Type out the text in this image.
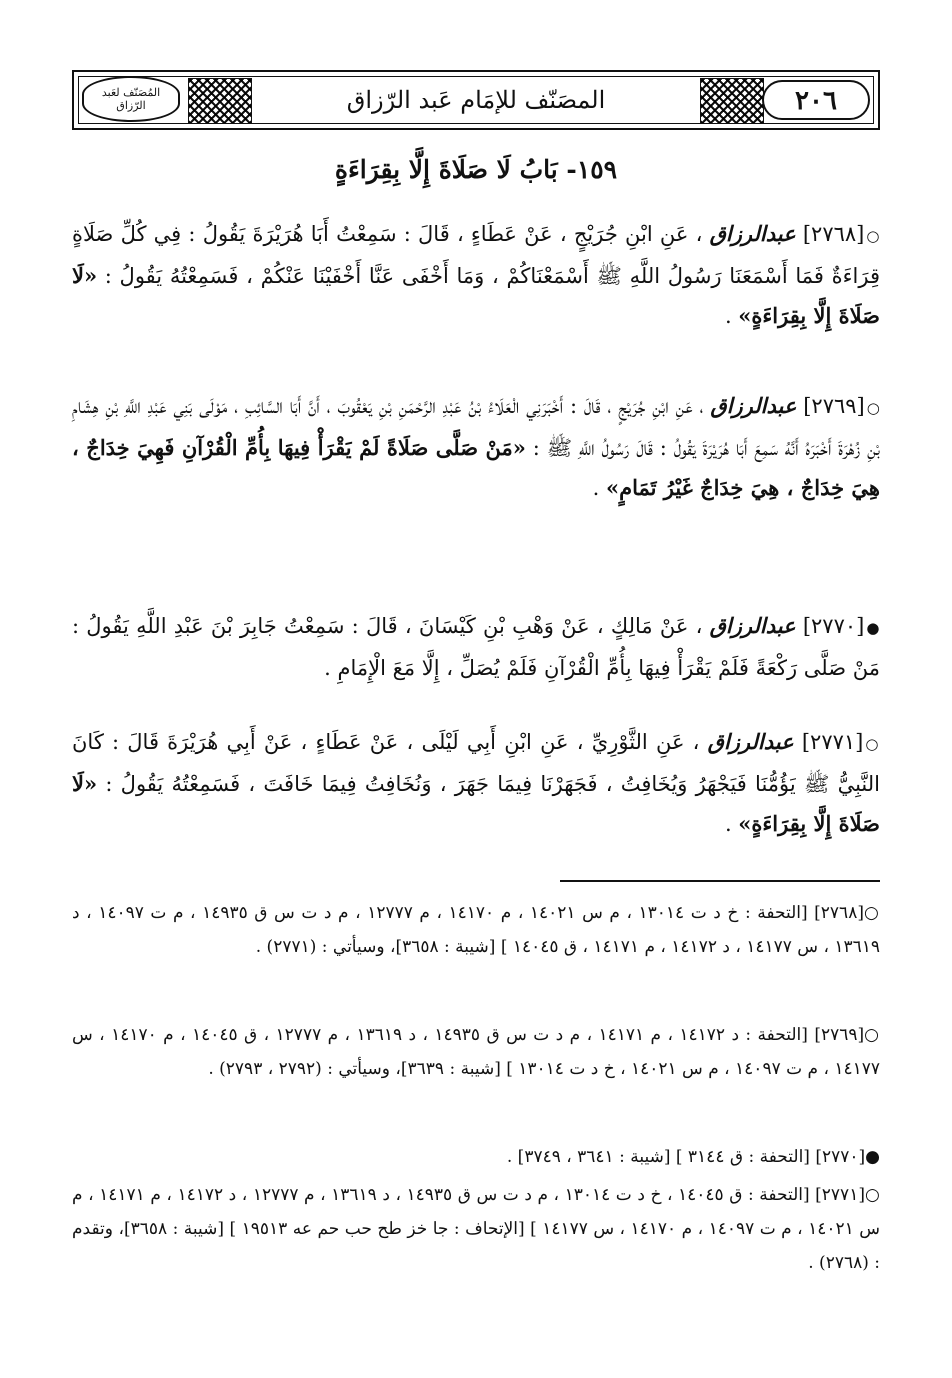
المُصَنّف لعَبد الرّزاق	المصَنّف للإمَام عَبد الرّزاق	٢٠٦
١٥٩- بَابُ لَا صَلَاةَ إِلَّا بِقِرَاءَةٍ
○[٢٧٦٨] عبدالرزاق ، عَنِ ابْنِ جُرَيْجٍ ، عَنْ عَطَاءٍ ، قَالَ : سَمِعْتُ أَبَا هُرَيْرَةَ يَقُولُ : فِي كُلِّ صَلَاةٍ قِرَاءَةٌ فَمَا أَسْمَعَنَا رَسُولُ اللَّهِ ﷺ أَسْمَعْنَاكُمْ ، وَمَا أَخْفَى عَنَّا أَخْفَيْنَا عَنْكُمْ ، فَسَمِعْتُهُ يَقُولُ : «لَا صَلَاةَ إِلَّا بِقِرَاءَةٍ» .
○[٢٧٦٩] عبدالرزاق ، عَنِ ابْنِ جُرَيْجٍ ، قَالَ : أَخْبَرَنِي الْعَلَاءُ بْنُ عَبْدِ الرَّحْمَنِ بْنِ يَعْقُوبَ ، أَنَّ أَبَا السَّائِبِ ، مَوْلَى بَنِي عَبْدِ اللَّهِ بْنِ هِشَامِ بْنِ زُهْرَةَ أَخْبَرَهُ أَنَّهُ سَمِعَ أَبَا هُرَيْرَةَ يَقُولُ : قَالَ رَسُولُ اللَّهِ ﷺ : «مَنْ صَلَّى صَلَاةً لَمْ يَقْرَأْ فِيهَا بِأُمِّ الْقُرْآنِ فَهِيَ خِدَاجٌ ، هِيَ خِدَاجٌ ، هِيَ خِدَاجٌ غَيْرُ تَمَامٍ» .
●[٢٧٧٠] عبدالرزاق ، عَنْ مَالِكٍ ، عَنْ وَهْبِ بْنِ كَيْسَانَ ، قَالَ : سَمِعْتُ جَابِرَ بْنَ عَبْدِ اللَّهِ يَقُولُ : مَنْ صَلَّى رَكْعَةً فَلَمْ يَقْرَأْ فِيهَا بِأُمِّ الْقُرْآنِ فَلَمْ يُصَلِّ ، إِلَّا مَعَ الْإِمَامِ .
○[٢٧٧١] عبدالرزاق ، عَنِ الثَّوْرِيِّ ، عَنِ ابْنِ أَبِي لَيْلَى ، عَنْ عَطَاءٍ ، عَنْ أَبِي هُرَيْرَةَ قَالَ : كَانَ النَّبِيُّ ﷺ يَؤُمُّنَا فَيَجْهَرُ وَيُخَافِتُ ، فَجَهَرْنَا فِيمَا جَهَرَ ، وَنُخَافِتُ فِيمَا خَافَتَ ، فَسَمِعْتُهُ يَقُولُ : «لَا صَلَاةَ إِلَّا بِقِرَاءَةٍ» .
○[٢٧٦٨] [التحفة : خ د ت ١٣٠١٤ ، م س ١٤٠٢١ ، م ١٤١٧٠ ، م ١٢٧٧٧ ، م د ت س ق ١٤٩٣٥ ، م ت ١٤٠٩٧ ، د ١٣٦١٩ ، س ١٤١٧٧ ، د ١٤١٧٢ ، م ١٤١٧١ ، ق ١٤٠٤٥ ] [شيبة : ٣٦٥٨]، وسيأتي : (٢٧٧١) .
○[٢٧٦٩] [التحفة : د ١٤١٧٢ ، م ١٤١٧١ ، م د ت س ق ١٤٩٣٥ ، د ١٣٦١٩ ، م ١٢٧٧٧ ، ق ١٤٠٤٥ ، م ١٤١٧٠ ، س ١٤١٧٧ ، م ت ١٤٠٩٧ ، م س ١٤٠٢١ ، خ د ت ١٣٠١٤ ] [شيبة : ٣٦٣٩]، وسيأتي : (٢٧٩٢ ، ٢٧٩٣) .
●[٢٧٧٠] [التحفة : ق ٣١٤٤ ] [شيبة : ٣٦٤١ ، ٣٧٤٩] .
○[٢٧٧١] [التحفة : ق ١٤٠٤٥ ، خ د ت ١٣٠١٤ ، م د ت س ق ١٤٩٣٥ ، د ١٣٦١٩ ، م ١٢٧٧٧ ، د ١٤١٧٢ ، م ١٤١٧١ ، م س ١٤٠٢١ ، م ت ١٤٠٩٧ ، م ١٤١٧٠ ، س ١٤١٧٧ ] [الإتحاف : جا خز طح حب حم عه ١٩٥١٣ ] [شيبة : ٣٦٥٨]، وتقدم : (٢٧٦٨) .
